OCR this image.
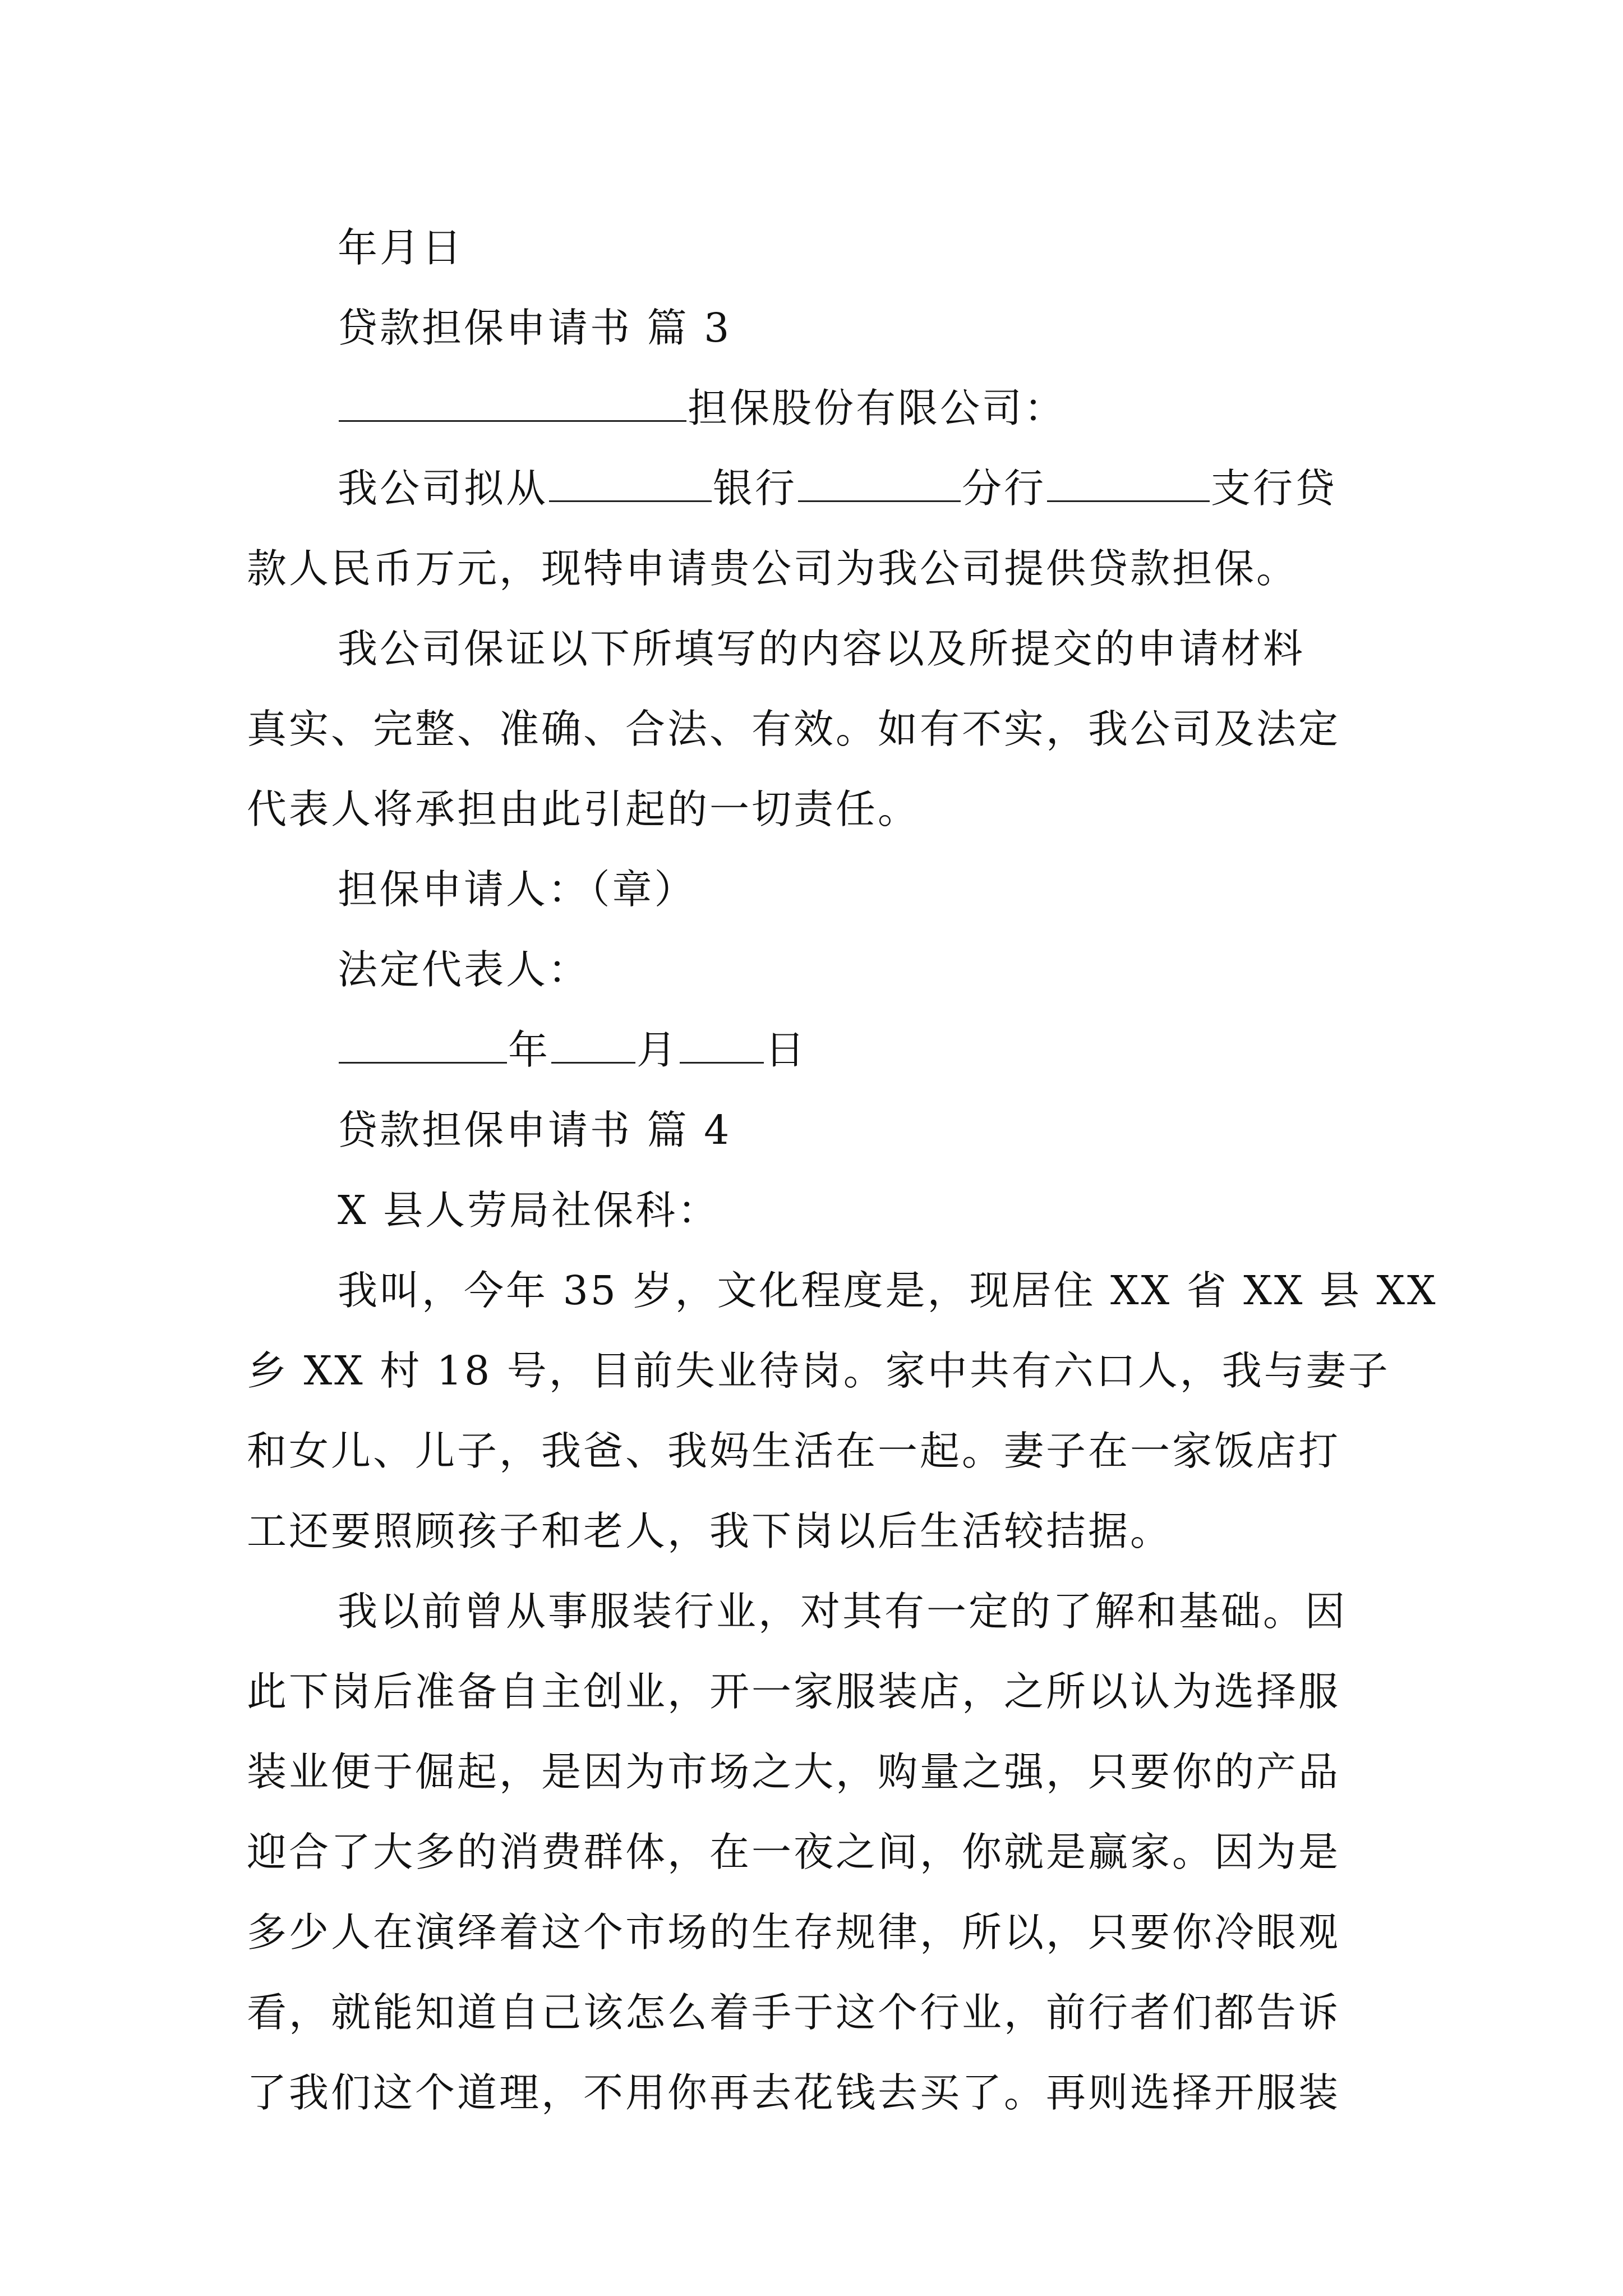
年月日
贷款担保申请书 篇 3
担保股份有限公司：
我公司拟从	银行	分行	支行贷
款人民币万元，现特申请贵公司为我公司提供贷款担保。
我公司保证以下所填写的内容以及所提交的申请材料
真实、完整、准确、合法、有效。如有不实，我公司及法定
代表人将承担由此引起的一切责任。
担保申请人：（章）
法定代表人：
年 月 日
贷款担保申请书 篇 4
X 县人劳局社保科：
我叫，今年 35 岁，文化程度是，现居住 XX 省 XX 县 XX
乡 XX 村 18 号，目前失业待岗。家中共有六口人，我与妻子
和女儿、儿子，我爸、我妈生活在一起。妻子在一家饭店打
工还要照顾孩子和老人，我下岗以后生活较拮据。
我以前曾从事服装行业，对其有一定的了解和基础。因
此下岗后准备自主创业，开一家服装店，之所以认为选择服
装业便于倔起，是因为市场之大，购量之强，只要你的产品
迎合了大多的消费群体，在一夜之间，你就是赢家。因为是
多少人在演绎着这个市场的生存规律，所以，只要你冷眼观
看，就能知道自己该怎么着手于这个行业，前行者们都告诉
了我们这个道理，不用你再去花钱去买了。再则选择开服装
